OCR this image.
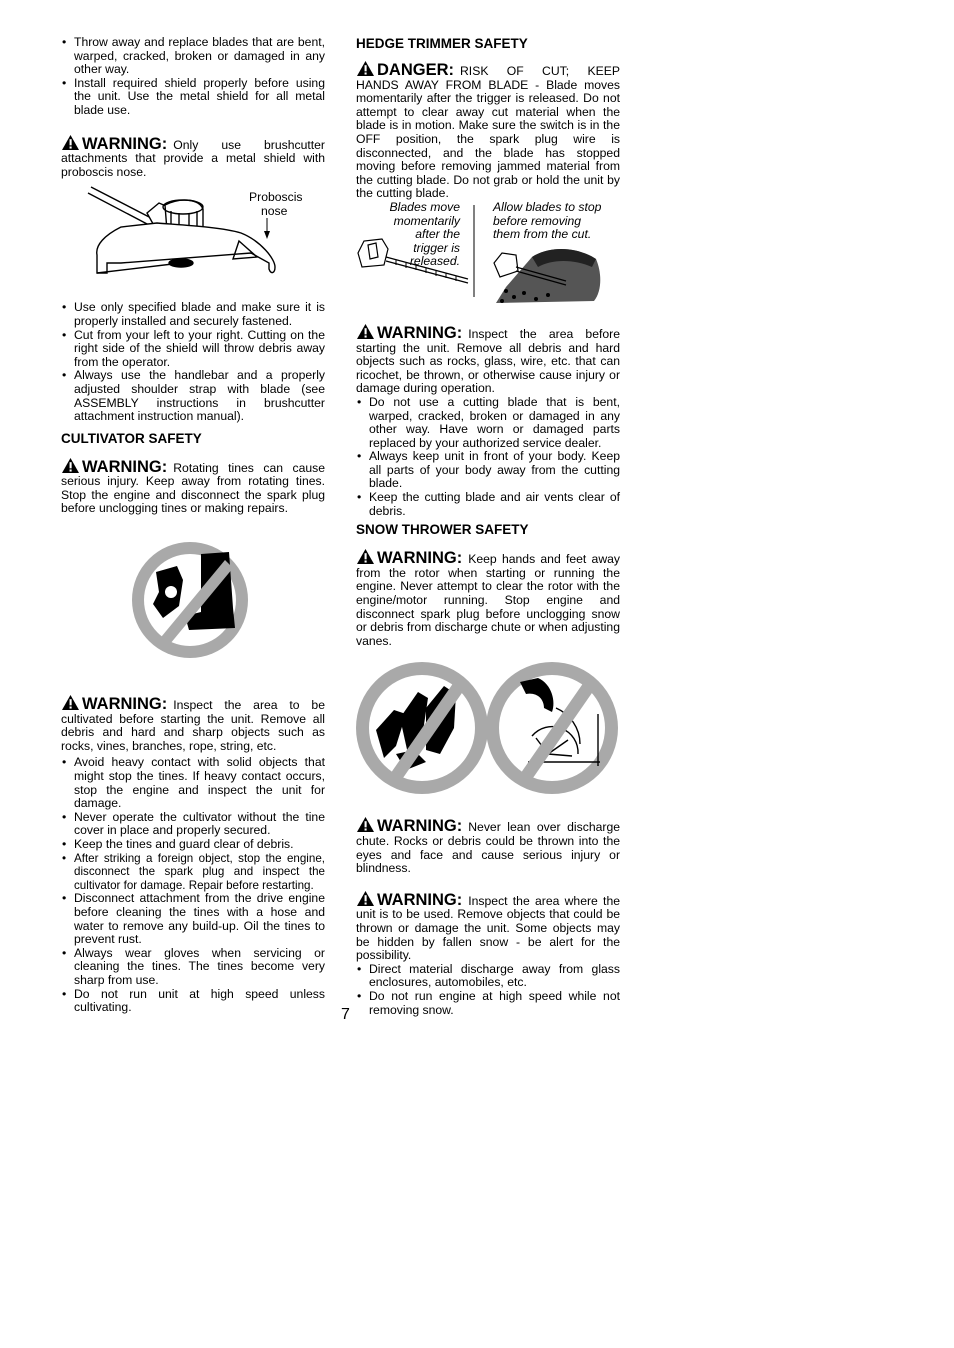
• Throw away and replace blades that are bent, warped, cracked, broken or damaged in any other way.
• Install required shield properly before using the unit. Use the metal shield for all metal blade use.
WARNING: Only use brushcutter attachments that provide a metal shield with proboscis nose.
Proboscis
nose
• Use only specified blade and make sure it is properly installed and securely fastened.
• Cut from your left to your right. Cutting on the right side of the shield will throw debris away from the operator.
• Always use the handlebar and a properly adjusted shoulder strap with blade (see ASSEMBLY instructions in brushcutter attachment instruction manual).
CULTIVATOR SAFETY
WARNING: Rotating tines can cause serious injury. Keep away from rotating tines. Stop the engine and disconnect the spark plug before unclogging tines or making repairs.
WARNING: Inspect the area to be cultivated before starting the unit. Remove all debris and hard and sharp objects such as rocks, vines, branches, rope, string, etc.
• Avoid heavy contact with solid objects that might stop the tines. If heavy contact occurs, stop the engine and inspect the unit for damage.
• Never operate the cultivator without the tine cover in place and properly secured.
• Keep the tines and guard clear of debris.
• After striking a foreign object, stop the engine, disconnect the spark plug and inspect the cultivator for damage. Repair before restarting.
• Disconnect attachment from the drive engine before cleaning the tines with a hose and water to remove any build-up. Oil the tines to prevent rust.
• Always wear gloves when servicing or cleaning the tines. The tines become very sharp from use.
• Do not run unit at high speed unless cultivating.
HEDGE TRIMMER SAFETY
DANGER: RISK OF CUT; KEEP HANDS AWAY FROM BLADE - Blade moves momentarily after the trigger is released. Do not attempt to clear away cut material when the blade is in motion. Make sure the switch is in the OFF position, the spark plug wire is disconnected, and the blade has stopped moving before removing jammed material from the cutting blade. Do not grab or hold the unit by the cutting blade.
Blades move
momentarily
after the
trigger is
released.
Allow blades to stop
before removing
them from the cut.
WARNING: Inspect the area before starting the unit. Remove all debris and hard objects such as rocks, glass, wire, etc. that can ricochet, be thrown, or otherwise cause injury or damage during operation.
• Do not use a cutting blade that is bent, warped, cracked, broken or damaged in any other way. Have worn or damaged parts replaced by your authorized service dealer.
• Always keep unit in front of your body. Keep all parts of your body away from the cutting blade.
• Keep the cutting blade and air vents clear of debris.
SNOW THROWER SAFETY
WARNING: Keep hands and feet away from the rotor when starting or running the engine. Never attempt to clear the rotor with the engine/motor running. Stop engine and disconnect spark plug before unclogging snow or debris from discharge chute or when adjusting vanes.
WARNING: Never lean over discharge chute. Rocks or debris could be thrown into the eyes and face and cause serious injury or blindness.
WARNING: Inspect the area where the unit is to be used. Remove objects that could be thrown or damage the unit. Some objects may be hidden by fallen snow - be alert for the possibility.
• Direct material discharge away from glass enclosures, automobiles, etc.
• Do not run engine at high speed while not removing snow.
7
